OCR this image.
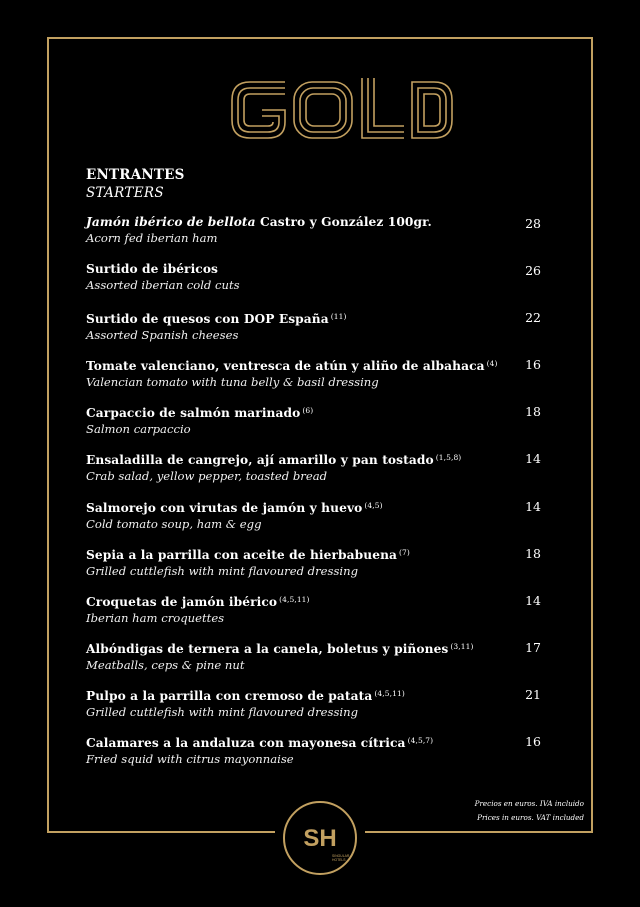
GOLD
ENTRANTES
STARTERS
Jamón ibérico de bellota Castro y González 100gr.
Acorn fed iberian ham
28
Surtido de ibéricos
Assorted iberian cold cuts
26
Surtido de quesos con DOP España $^{(11)}$
Assorted Spanish cheeses
22
Tomate valenciano, ventresca de atún y aliño de albahaca $^{(4)}$
Valencian tomato with tuna belly & basil dressing
16
Carpaccio de salmón marinado $^{(6)}$
Salmon carpaccio
18
Ensaladilla de cangrejo, ají amarillo y pan tostado $^{(1,5,8)}$
Crab salad, yellow pepper, toasted bread
14
Salmorejo con virutas de jamón y huevo $^{(4,5)}$
Cold tomato soup, ham & egg
14
Sepia a la parrilla con aceite de hierbabuena $^{(7)}$
Grilled cuttlefish with mint flavoured dressing
18
Croquetas de jamón ibérico $^{(4,5,11)}$
Iberian ham croquettes
14
Albóndigas de ternera a la canela, boletus y piñones $^{(3,11)}$
Meatballs, ceps & pine nut
17
Pulpo a la parrilla con cremoso de patata $^{(4,5,11)}$
Grilled cuttlefish with mint flavoured dressing
21
Calamares a la andaluza con mayonesa cítrica $^{(4,5,7)}$
Fried squid with citrus mayonnaise
16
Precios en euros. IVA incluido
Prices in euros. VAT included
SH
SINGULAR
HOTELS
